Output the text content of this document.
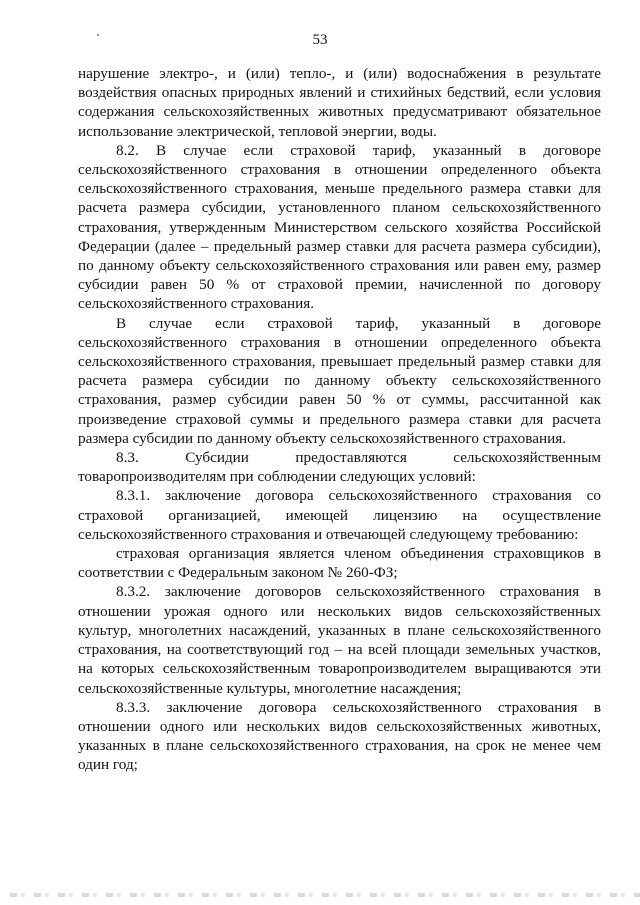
53

нарушение электро-, и (или) тепло-, и (или) водоснабжения в результате воздействия опасных природных явлений и стихийных бедствий, если условия содержания сельскохозяйственных животных предусматривают обязательное использование электрической, тепловой энергии, воды.

8.2. В случае если страховой тариф, указанный в договоре сельскохозяйственного страхования в отношении определенного объекта сельскохозяйственного страхования, меньше предельного размера ставки для расчета размера субсидии, установленного планом сельскохозяйственного страхования, утвержденным Министерством сельского хозяйства Российской Федерации (далее – предельный размер ставки для расчета размера субсидии), по данному объекту сельскохозяйственного страхования или равен ему, размер субсидии равен 50 % от страховой премии, начисленной по договору сельскохозяйственного страхования.

В случае если страховой тариф, указанный в договоре сельскохозяйственного страхования в отношении определенного объекта сельскохозяйственного страхования, превышает предельный размер ставки для расчета размера субсидии по данному объекту сельскохозяйственного страхования, размер субсидии равен 50 % от суммы, рассчитанной как произведение страховой суммы и предельного размера ставки для расчета размера субсидии по данному объекту сельскохозяйственного страхования.

8.3. Субсидии предоставляются сельскохозяйственным товаропроизводителям при соблюдении следующих условий:

8.3.1. заключение договора сельскохозяйственного страхования со страховой организацией, имеющей лицензию на осуществление сельскохозяйственного страхования и отвечающей следующему требованию:

страховая организация является членом объединения страховщиков в соответствии с Федеральным законом № 260-ФЗ;

8.3.2. заключение договоров сельскохозяйственного страхования в отношении урожая одного или нескольких видов сельскохозяйственных культур, многолетних насаждений, указанных в плане сельскохозяйственного страхования, на соответствующий год – на всей площади земельных участков, на которых сельскохозяйственным товаропроизводителем выращиваются эти сельскохозяйственные культуры, многолетние насаждения;

8.3.3. заключение договора сельскохозяйственного страхования в отношении одного или нескольких видов сельскохозяйственных животных, указанных в плане сельскохозяйственного страхования, на срок не менее чем один год;
